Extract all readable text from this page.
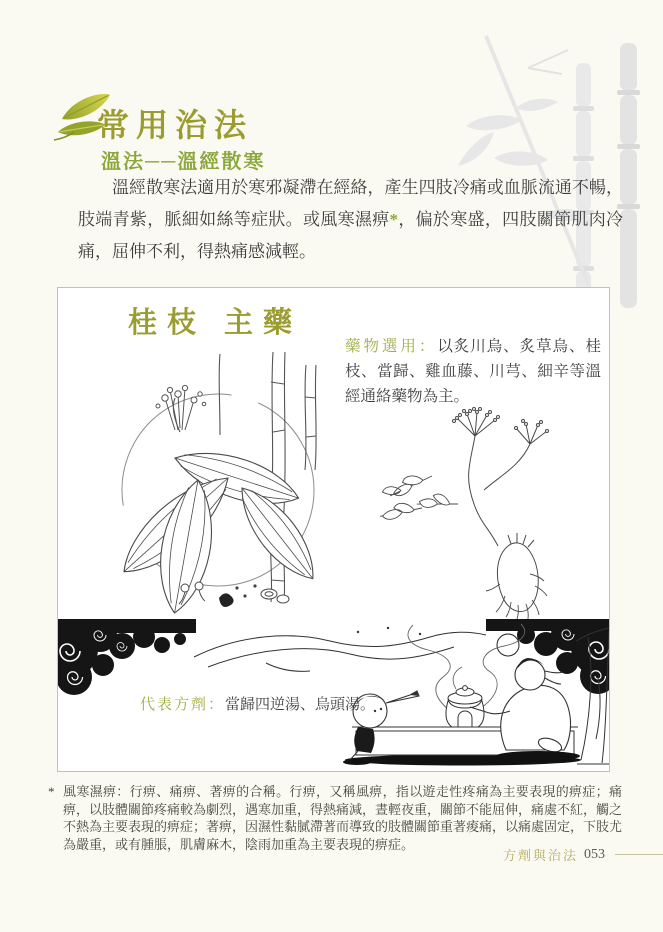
常用治法
溫法──溫經散寒

溫經散寒法適用於寒邪凝滯在經絡，產生四肢冷痛或血脈流通不暢，肢端青紫，脈細如絲等症狀。或風寒濕痹*，偏於寒盛，四肢關節肌肉冷痛，屈伸不利，得熱痛感減輕。

桂枝 主藥

藥物選用：以炙川烏、炙草烏、桂枝、當歸、雞血藤、川芎、細辛等溫經通絡藥物為主。

代表方劑：當歸四逆湯、烏頭湯。

* 風寒濕痹：行痹、痛痹、著痹的合稱。行痹，又稱風痹，指以遊走性疼痛為主要表現的痹症；痛痹，以肢體關節疼痛較為劇烈，遇寒加重，得熱痛減，晝輕夜重，關節不能屈伸，痛處不紅，觸之不熱為主要表現的痹症；著痹，因濕性黏膩滯著而導致的肢體關節重著痠痛，以痛處固定，下肢尤為嚴重，或有腫脹，肌膚麻木，陰雨加重為主要表現的痹症。

方劑與治法 053
